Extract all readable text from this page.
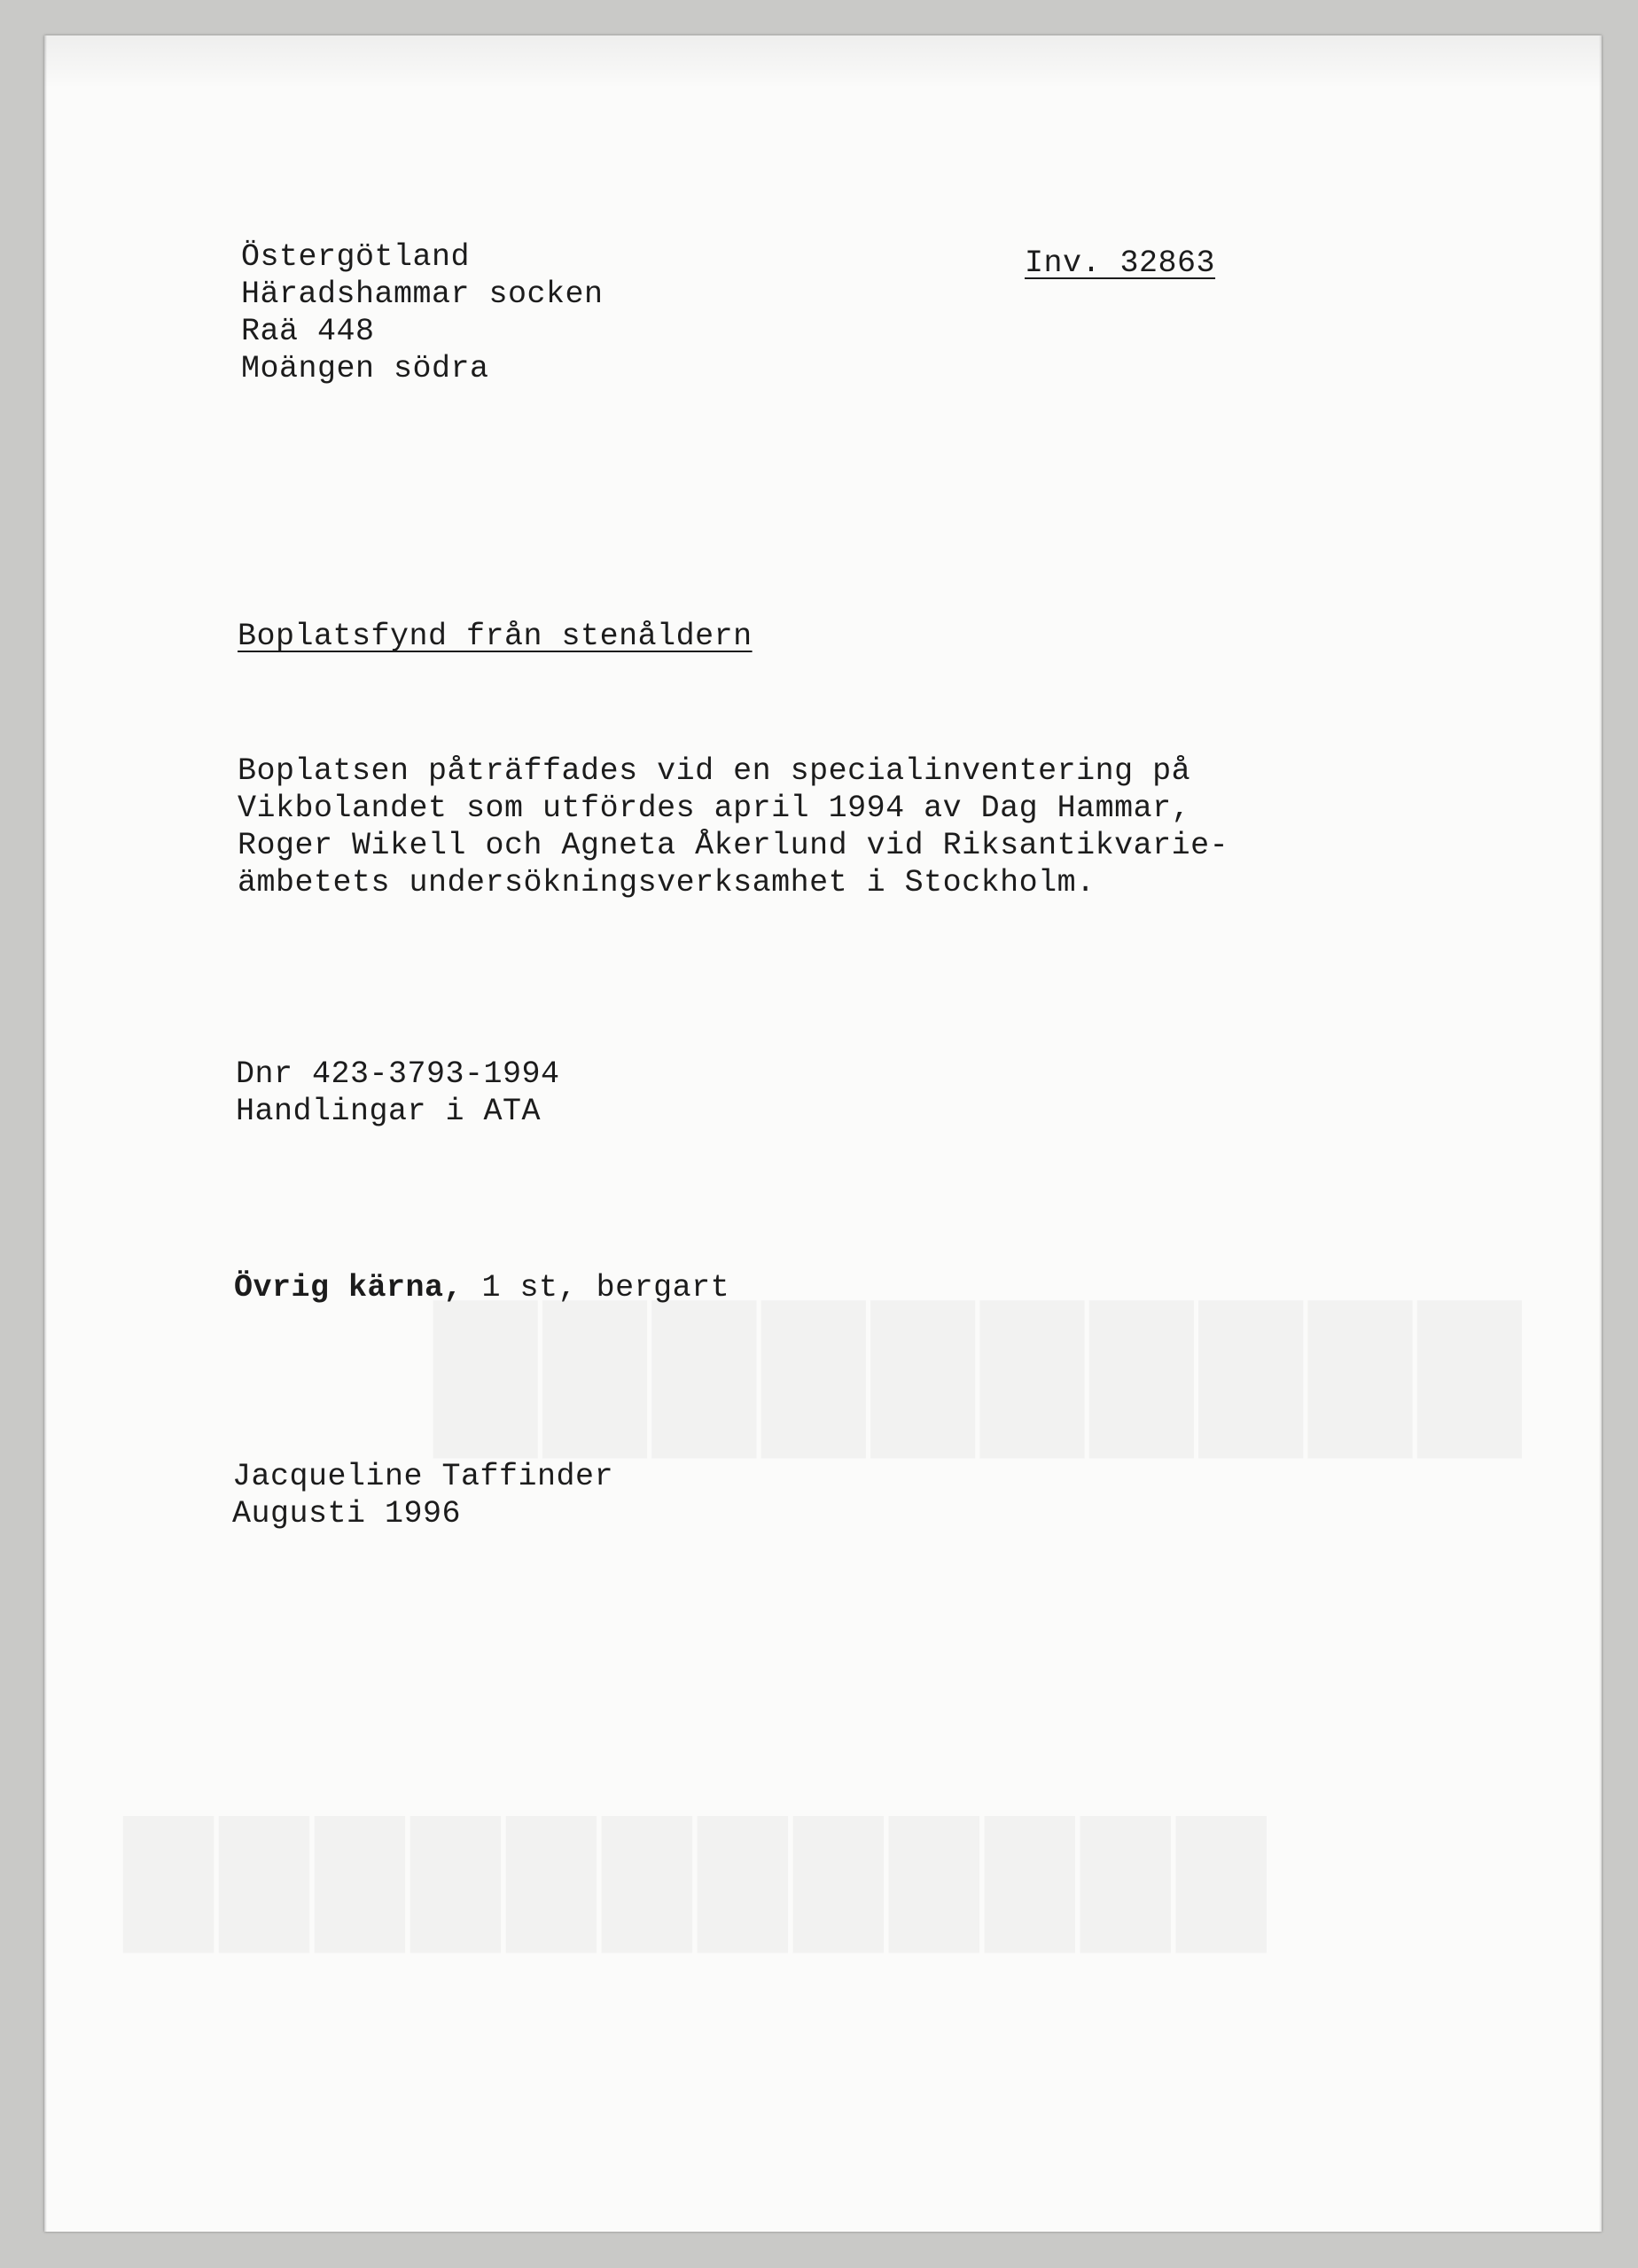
Östergötland
Häradshammar socken
Raä 448
Moängen södra
Inv. 32863
Boplatsfynd från stenåldern
Boplatsen påträffades vid en specialinventering på
Vikbolandet som utfördes april 1994 av Dag Hammar,
Roger Wikell och Agneta Åkerlund vid Riksantikvarie-
ämbetets undersökningsverksamhet i Stockholm.
Dnr 423-3793-1994
Handlingar i ATA
Övrig kärna, 1 st, bergart
Jacqueline Taffinder
Augusti 1996
